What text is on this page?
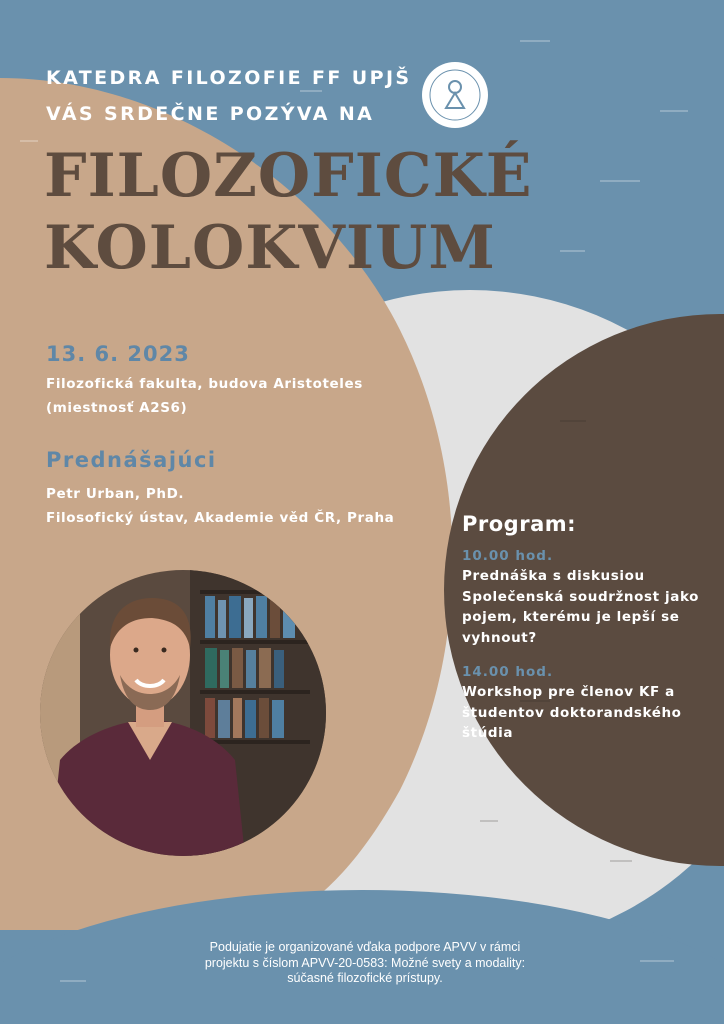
KATEDRA FILOZOFIE FF UPJŠ
VÁS SRDEČNE POZÝVA NA
FILOZOFICKÉ
KOLOKVIUM
13. 6. 2023
Filozofická fakulta, budova Aristoteles
(miestnosť A2S6)
Prednášajúci
Petr Urban, PhD.
Filosofický ústav, Akademie věd ČR, Praha	Program:
10.00 hod.
Prednáška s diskusiou
Společenská soudržnost jako
pojem, kterému je lepší se
vyhnout?
14.00 hod.
Workshop pre členov KF a
študentov doktorandského
štúdia
Podujatie je organizované vďaka podpore APVV v rámci
projektu s číslom APVV-20-0583: Možné svety a modality:
súčasné filozofické prístupy.
